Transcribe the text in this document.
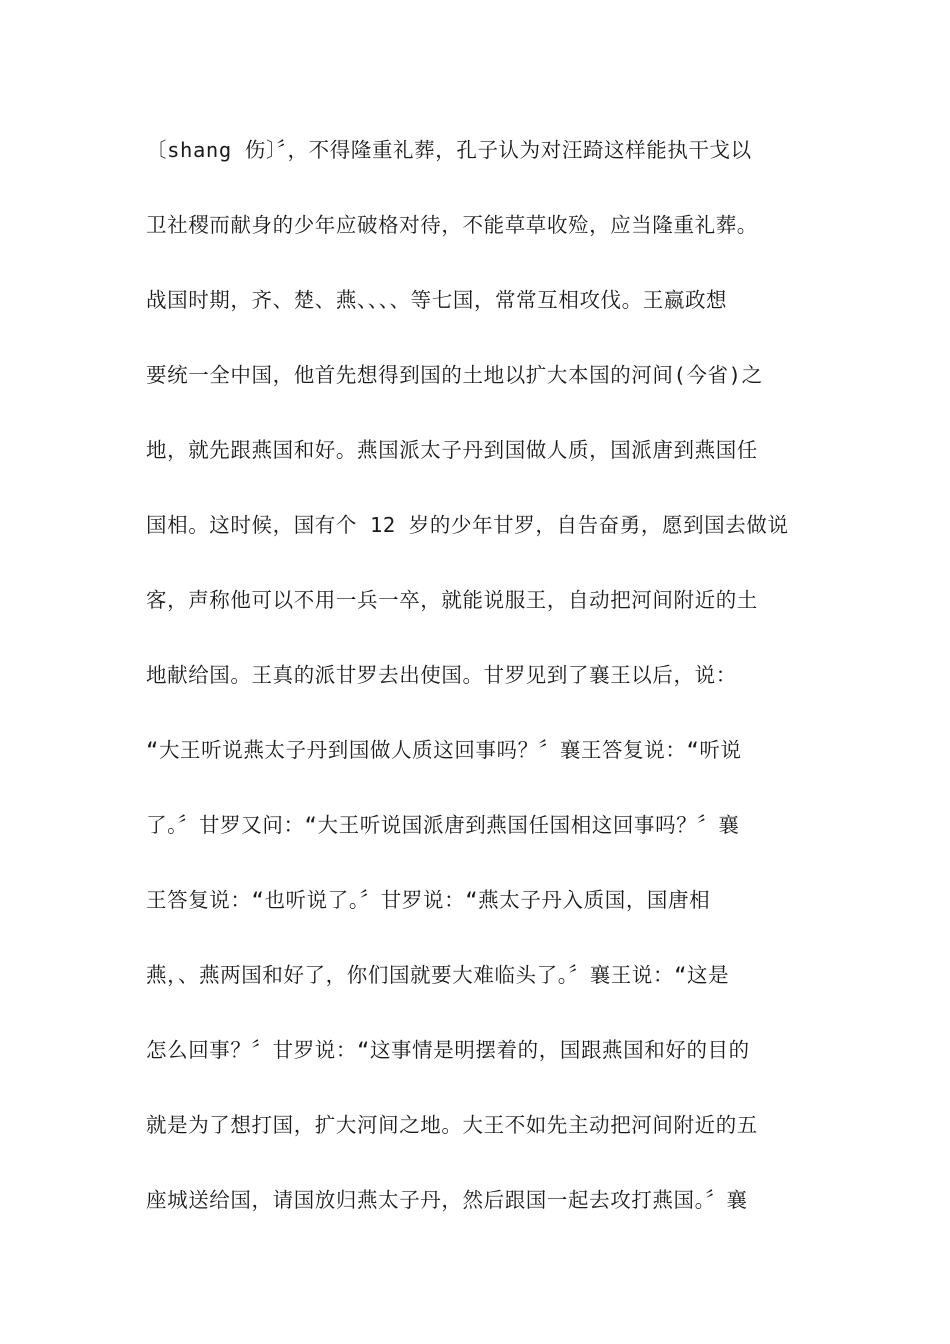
〔shang 伤〕〞，不得隆重礼葬，孔子认为对汪踦这样能执干戈以
卫社稷而献身的少年应破格对待，不能草草收殓，应当隆重礼葬。
战国时期，齐、楚、燕、、、、等七国，常常互相攻伐。王嬴政想
要统一全中国，他首先想得到国的土地以扩大本国的河间(今省)之
地，就先跟燕国和好。燕国派太子丹到国做人质，国派唐到燕国任
国相。这时候，国有个 12 岁的少年甘罗，自告奋勇，愿到国去做说
客，声称他可以不用一兵一卒，就能说服王，自动把河间附近的土
地献给国。王真的派甘罗去出使国。甘罗见到了襄王以后，说：
“大王听说燕太子丹到国做人质这回事吗？〞襄王答复说：“听说
了。〞甘罗又问：“大王听说国派唐到燕国任国相这回事吗？〞襄
王答复说：“也听说了。〞甘罗说：“燕太子丹入质国，国唐相
燕，、燕两国和好了，你们国就要大难临头了。〞襄王说：“这是
怎么回事？〞甘罗说：“这事情是明摆着的，国跟燕国和好的目的
就是为了想打国，扩大河间之地。大王不如先主动把河间附近的五
座城送给国，请国放归燕太子丹，然后跟国一起去攻打燕国。〞襄
